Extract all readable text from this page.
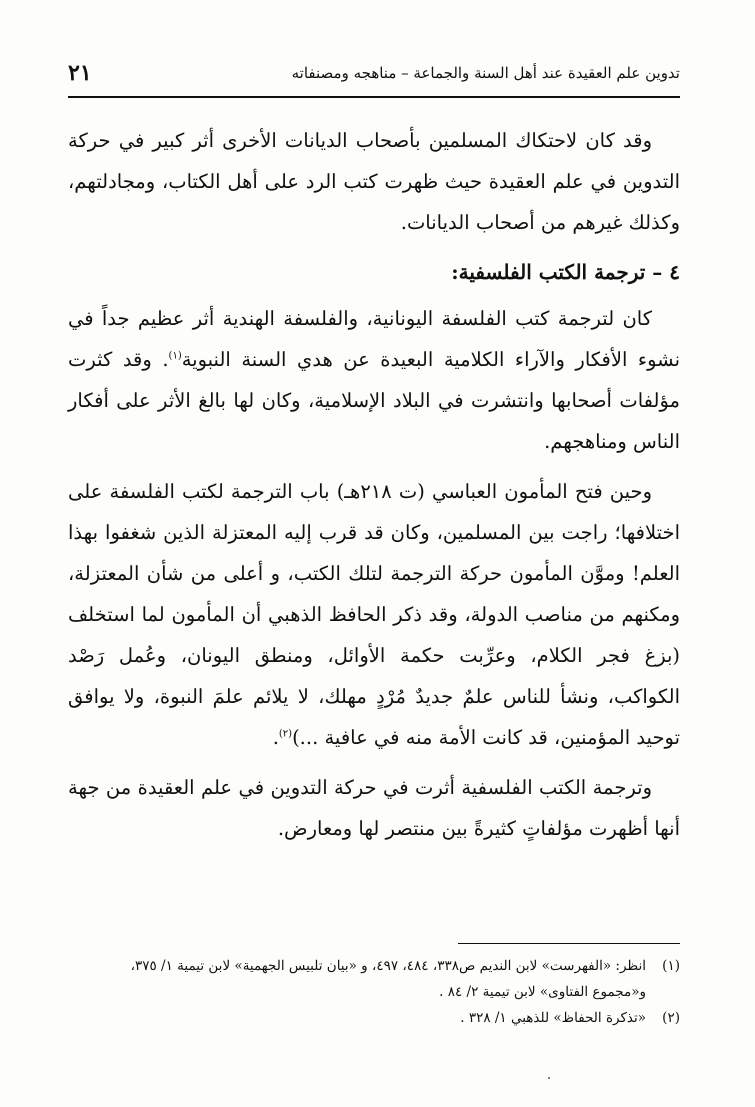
تدوين علم العقيدة عند أهل السنة والجماعة – مناهجه ومصنفاته
٢١

وقد كان لاحتكاك المسلمين بأصحاب الديانات الأخرى أثر كبير في حركة التدوين في علم العقيدة حيث ظهرت كتب الرد على أهل الكتاب، ومجادلتهم، وكذلك غيرهم من أصحاب الديانات.

٤ – ترجمة الكتب الفلسفية:

كان لترجمة كتب الفلسفة اليونانية، والفلسفة الهندية أثر عظيم جداً في نشوء الأفكار والآراء الكلامية البعيدة عن هدي السنة النبوية$^{(١)}$. وقد كثرت مؤلفات أصحابها وانتشرت في البلاد الإسلامية، وكان لها بالغ الأثر على أفكار الناس ومناهجهم.

وحين فتح المأمون العباسي (ت ٢١٨هـ) باب الترجمة لكتب الفلسفة على اختلافها؛ راجت بين المسلمين، وكان قد قرب إليه المعتزلة الذين شغفوا بهذا العلم! وموَّن المأمون حركة الترجمة لتلك الكتب، و أعلى من شأن المعتزلة، ومكنهم من مناصب الدولة، وقد ذكر الحافظ الذهبي أن المأمون لما استخلف (بزغ فجر الكلام، وعرِّبت حكمة الأوائل، ومنطق اليونان، وعُمل رَصْد الكواكب، ونشأ للناس علمٌ جديدٌ مُرْدٍ مهلك، لا يلائم علمَ النبوة، ولا يوافق توحيد المؤمنين، قد كانت الأمة منه في عافية ...)$^{(٢)}$.

وترجمة الكتب الفلسفية أثرت في حركة التدوين في علم العقيدة من جهة أنها أظهرت مؤلفاتٍ كثيرةً بين منتصر لها ومعارض.

(١)انظر: «الفهرست» لابن النديم ص٣٣٨، ٤٨٤، ٤٩٧، و «بيان تلبيس الجهمية» لابن تيمية ١/ ٣٧٥،
و«مجموع الفتاوى» لابن تيمية ٢/ ٨٤ .
(٢)«تذكرة الحفاظ» للذهبي ١/ ٣٢٨ .
